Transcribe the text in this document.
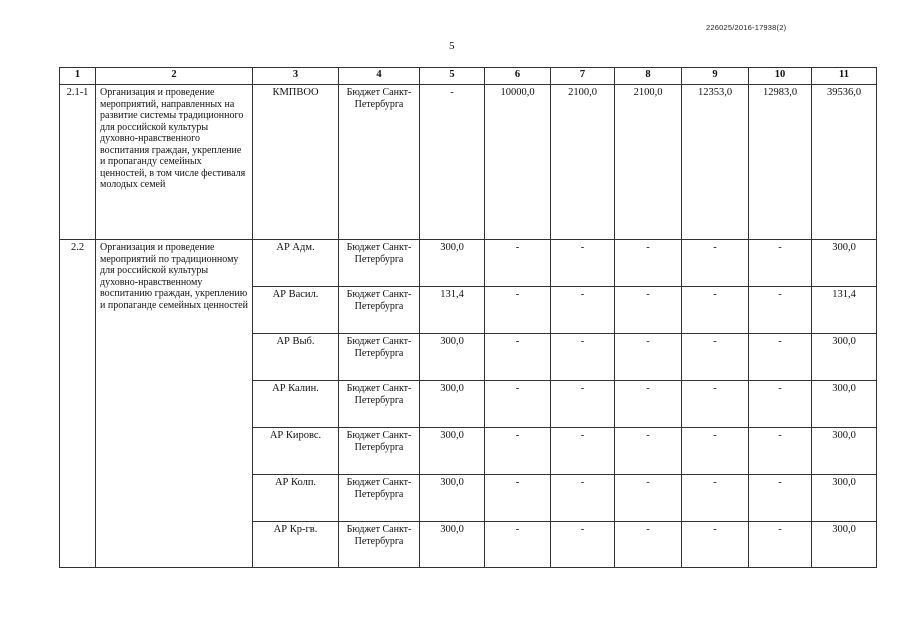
226025/2016-17938(2)
5
1	2	3	4	5	6	7	8	9	10	11
2.1-1	Организация и проведение мероприятий, направленных на развитие системы традиционного для российской культуры духовно-нравственного воспитания граждан, укрепление и пропаганду семейных ценностей, в том числе фестиваля молодых семей	КМПВОО	Бюджет Санкт-Петербурга	-	10000,0	2100,0	2100,0	12353,0	12983,0	39536,0
2.2	Организация и проведение мероприятий по традиционному для российской культуры духовно-нравственному воспитанию граждан, укреплению и пропаганде семейных ценностей	АР Адм.	Бюджет Санкт-Петербурга	300,0	-	-	-	-	-	300,0
		АР Васил.	Бюджет Санкт-Петербурга	131,4	-	-	-	-	-	131,4
		АР Выб.	Бюджет Санкт-Петербурга	300,0	-	-	-	-	-	300,0
		АР Калин.	Бюджет Санкт-Петербурга	300,0	-	-	-	-	-	300,0
		АР Кировс.	Бюджет Санкт-Петербурга	300,0	-	-	-	-	-	300,0
		АР Колп.	Бюджет Санкт-Петербурга	300,0	-	-	-	-	-	300,0
		АР Кр-гв.	Бюджет Санкт-Петербурга	300,0	-	-	-	-	-	300,0
